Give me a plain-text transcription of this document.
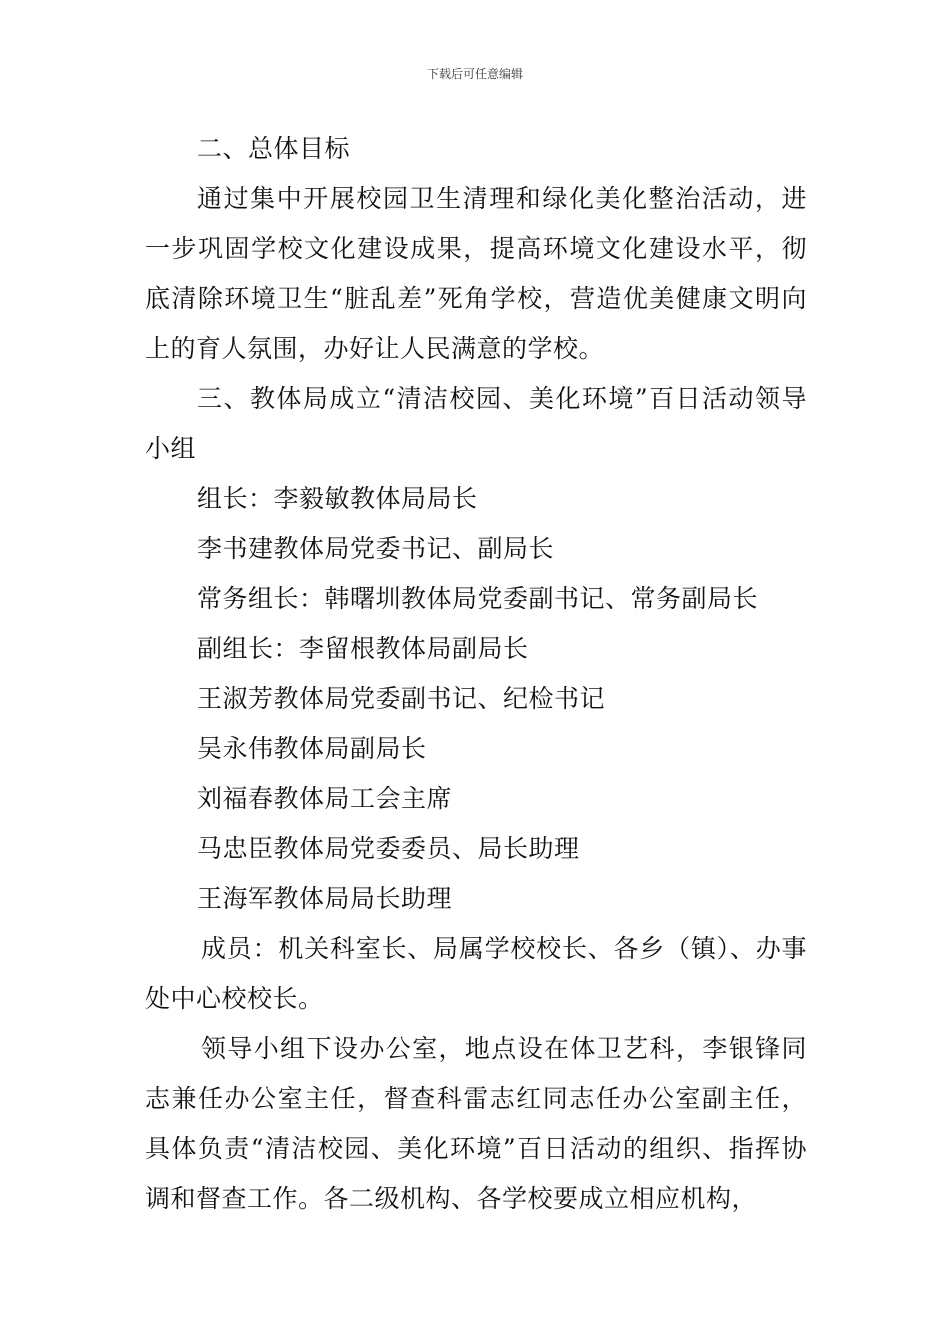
下载后可任意编辑

二、总体目标

通过集中开展校园卫生清理和绿化美化整治活动，进一步巩固学校文化建设成果，提高环境文化建设水平，彻底清除环境卫生“脏乱差”死角学校，营造优美健康文明向上的育人氛围，办好让人民满意的学校。

三、教体局成立“清洁校园、美化环境”百日活动领导小组

组长：李毅敏教体局局长

李书建教体局党委书记、副局长

常务组长：韩曙圳教体局党委副书记、常务副局长

副组长：李留根教体局副局长

王淑芳教体局党委副书记、纪检书记

吴永伟教体局副局长

刘福春教体局工会主席

马忠臣教体局党委委员、局长助理

王海军教体局局长助理

成员：机关科室长、局属学校校长、各乡（镇）、办事处中心校校长。

领导小组下设办公室，地点设在体卫艺科，李银锋同志兼任办公室主任，督查科雷志红同志任办公室副主任，具体负责“清洁校园、美化环境”百日活动的组织、指挥协调和督查工作。各二级机构、各学校要成立相应机构，
